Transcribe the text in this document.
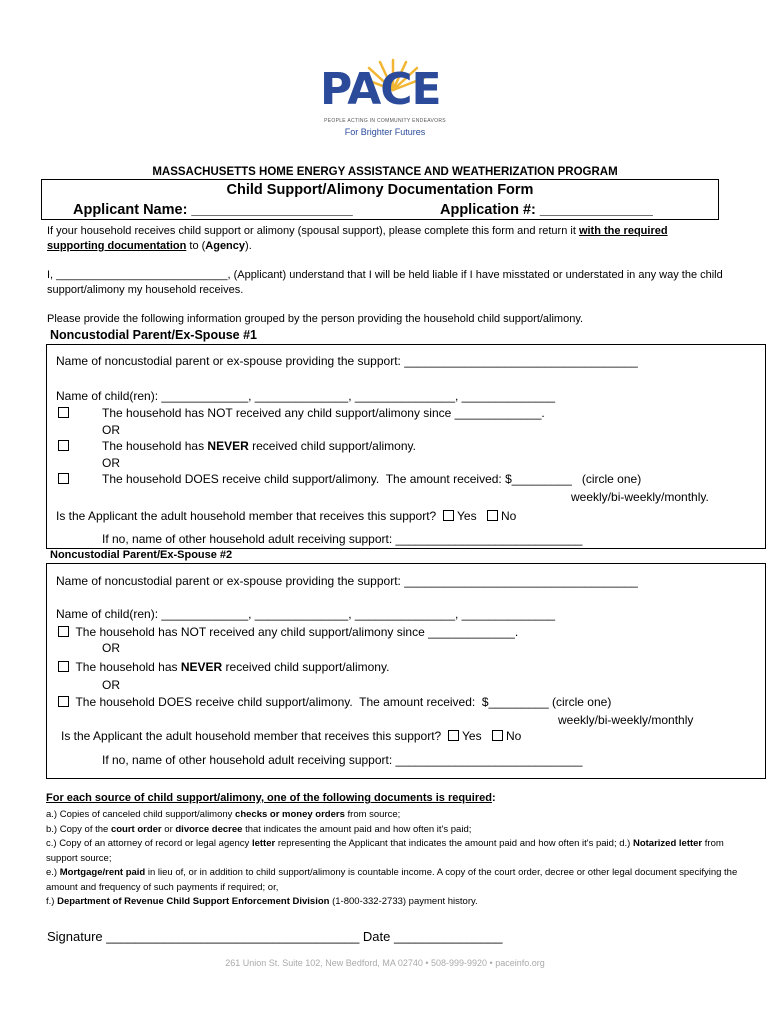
PACE
PEOPLE ACTING IN COMMUNITY ENDEAVORS
For Brighter Futures
MASSACHUSETTS HOME ENERGY ASSISTANCE AND WEATHERIZATION PROGRAM
Child Support/Alimony Documentation Form
Applicant Name: ____________________	Application #: ______________
If your household receives child support or alimony (spousal support), please complete this form and return it with the required supporting documentation to (Agency).
I, ____________________________, (Applicant) understand that I will be held liable if I have misstated or understated in any way the child support/alimony my household receives.
Please provide the following information grouped by the person providing the household child support/alimony.
Noncustodial Parent/Ex-Spouse #1
Name of noncustodial parent or ex-spouse providing the support: ___________________________________
Name of child(ren): _____________, ______________, _______________, ______________
The household has NOT received any child support/alimony since _____________.
OR
The household has NEVER received child support/alimony.
OR
The household DOES receive child support/alimony.  The amount received: $_________   (circle one)
weekly/bi-weekly/monthly.
Is the Applicant the adult household member that receives this support? Yes No
If no, name of other household adult receiving support: ____________________________
Noncustodial Parent/Ex-Spouse #2
Name of noncustodial parent or ex-spouse providing the support: ___________________________________
Name of child(ren): _____________, ______________, _______________, ______________
The household has NOT received any child support/alimony since _____________.
OR
The household has NEVER received child support/alimony.
OR
The household DOES receive child support/alimony.  The amount received:  $_________ (circle one)
weekly/bi-weekly/monthly
Is the Applicant the adult household member that receives this support? Yes No
If no, name of other household adult receiving support: ____________________________
For each source of child support/alimony, one of the following documents is required:
a.) Copies of canceled child support/alimony checks or money orders from source;
b.) Copy of the court order or divorce decree that indicates the amount paid and how often it's paid;
c.) Copy of an attorney of record or legal agency letter representing the Applicant that indicates the amount paid and how often it's paid; d.) Notarized letter from support source;
e.) Mortgage/rent paid in lieu of, or in addition to child support/alimony is countable income. A copy of the court order, decree or other legal document specifying the amount and frequency of such payments if required; or,
f.) Department of Revenue Child Support Enforcement Division (1-800-332-2733) payment history.
Signature ___________________________________ Date _______________
261 Union St. Suite 102, New Bedford, MA 02740 • 508-999-9920 • paceinfo.org
